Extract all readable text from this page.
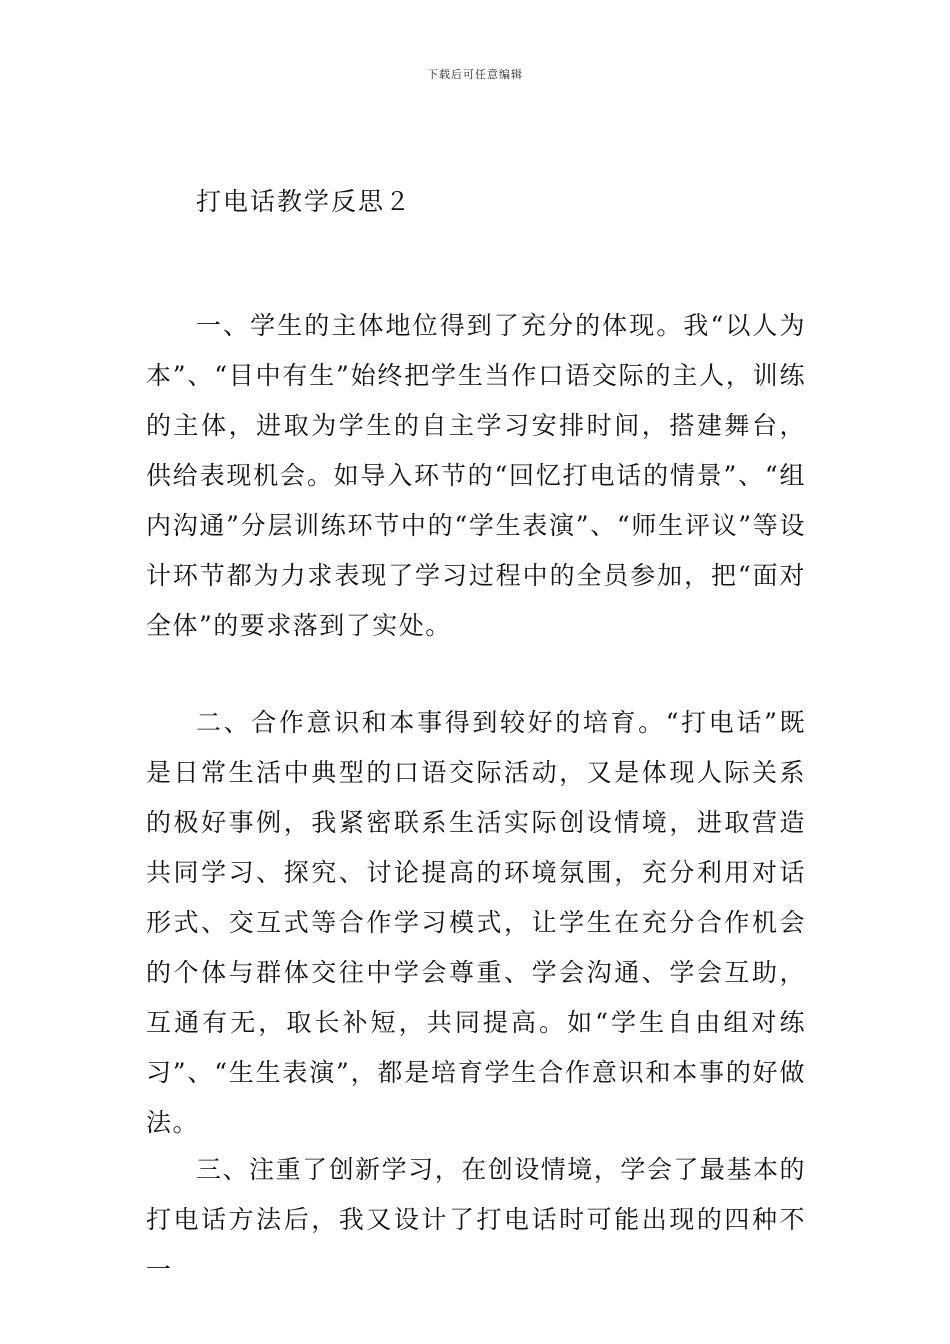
下载后可任意编辑
打电话教学反思２

一、学生的主体地位得到了充分的体现。我“以人为本”、“目中有生”始终把学生当作口语交际的主人，训练的主体，进取为学生的自主学习安排时间，搭建舞台，供给表现机会。如导入环节的“回忆打电话的情景”、“组内沟通”分层训练环节中的“学生表演”、“师生评议”等设计环节都为力求表现了学习过程中的全员参加，把“面对全体”的要求落到了实处。

二、合作意识和本事得到较好的培育。“打电话”既是日常生活中典型的口语交际活动，又是体现人际关系的极好事例，我紧密联系生活实际创设情境，进取营造共同学习、探究、讨论提高的环境氛围，充分利用对话形式、交互式等合作学习模式，让学生在充分合作机会的个体与群体交往中学会尊重、学会沟通、学会互助，互通有无，取长补短，共同提高。如“学生自由组对练习”、“生生表演”，都是培育学生合作意识和本事的好做法。

三、注重了创新学习，在创设情境，学会了最基本的打电话方法后，我又设计了打电话时可能出现的四种不一
